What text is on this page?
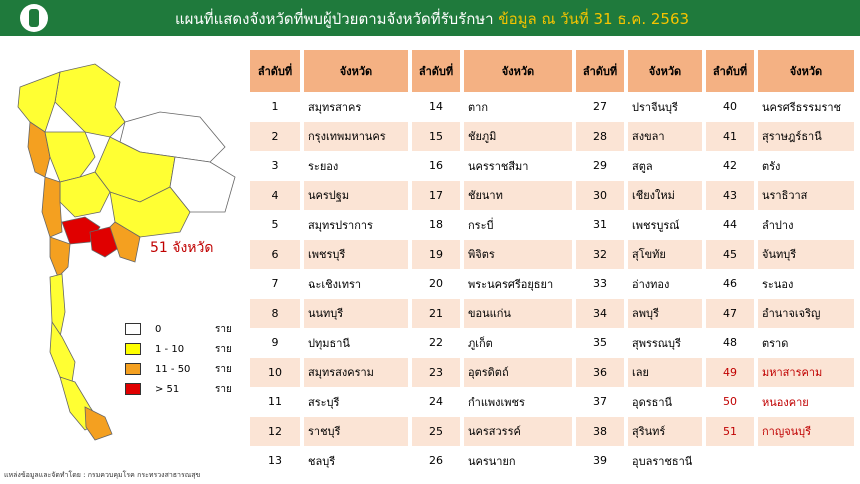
แผนที่แสดงจังหวัดที่พบผู้ป่วยตามจังหวัดที่รับรักษา ข้อมูล ณ วันที่ 31 ธ.ค. 2563
51 จังหวัด
0	ราย
1 - 10	ราย
11 - 50	ราย
> 51	ราย
ลำดับที่	จังหวัด	ลำดับที่	จังหวัด	ลำดับที่	จังหวัด	ลำดับที่	จังหวัด
1	สมุทรสาคร	14	ตาก	27	ปราจีนบุรี	40	นครศรีธรรมราช
2	กรุงเทพมหานคร	15	ชัยภูมิ	28	สงขลา	41	สุราษฎร์ธานี
3	ระยอง	16	นครราชสีมา	29	สตูล	42	ตรัง
4	นครปฐม	17	ชัยนาท	30	เชียงใหม่	43	นราธิวาส
5	สมุทรปราการ	18	กระบี่	31	เพชรบูรณ์	44	ลำปาง
6	เพชรบุรี	19	พิจิตร	32	สุโขทัย	45	จันทบุรี
7	ฉะเชิงเทรา	20	พระนครศรีอยุธยา	33	อ่างทอง	46	ระนอง
8	นนทบุรี	21	ขอนแก่น	34	ลพบุรี	47	อำนาจเจริญ
9	ปทุมธานี	22	ภูเก็ต	35	สุพรรณบุรี	48	ตราด
10	สมุทรสงคราม	23	อุตรดิตถ์	36	เลย	49	มหาสารคาม
11	สระบุรี	24	กำแพงเพชร	37	อุดรธานี	50	หนองคาย
12	ราชบุรี	25	นครสวรรค์	38	สุรินทร์	51	กาญจนบุรี
13	ชลบุรี	26	นครนายก	39	อุบลราชธานี		
แหล่งข้อมูลและจัดทำโดย : กรมควบคุมโรค กระทรวงสาธารณสุข
